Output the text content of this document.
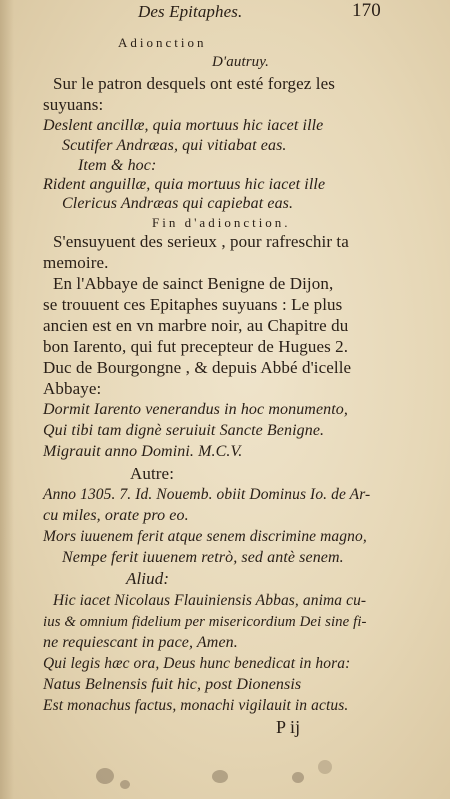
Des Epitaphes.	170
Adionction
D'autruy.
Sur le patron desquels ont esté forgez les
suyuans:
Deslent ancillæ, quia mortuus hic iacet ille
Scutifer Andræas, qui vitiabat eas.
Item & hoc:
Rident anguillæ, quia mortuus hic iacet ille
Clericus Andræas qui capiebat eas.
Fin d'adionction.
S'ensuyuent des serieux , pour rafreschir ta
memoire.
En l'Abbaye de sainct Benigne de Dijon,
se trouuent ces Epitaphes suyuans : Le plus
ancien est en vn marbre noir, au Chapitre du
bon Iarento, qui fut precepteur de Hugues 2.
Duc de Bourgongne , & depuis Abbé d'icelle
Abbaye:
Dormit Iarento venerandus in hoc monumento,
Qui tibi tam dignè seruiuit Sancte Benigne.
Migrauit anno Domini. M.C.V.
Autre:
Anno 1305. 7. Id. Nouemb. obiit Dominus Io. de Ar-
cu miles, orate pro eo.
Mors iuuenem ferit atque senem discrimine magno,
Nempe ferit iuuenem retrò, sed antè senem.
Aliud:
Hic iacet Nicolaus Flauiniensis Abbas, anima cu-
ius & omnium fidelium per misericordium Dei sine fi-
ne requiescant in pace, Amen.
Qui legis hæc ora, Deus hunc benedicat in hora:
Natus Belnensis fuit hic, post Dionensis
Est monachus factus, monachi vigilauit in actus.
P ij
